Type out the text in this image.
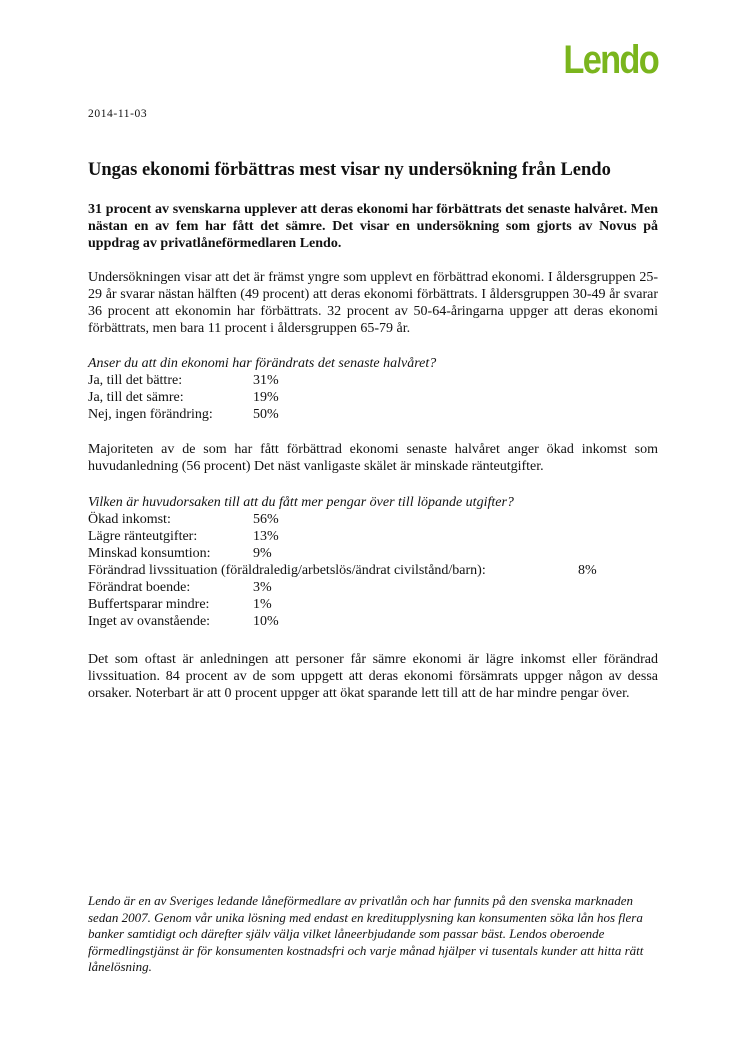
Lendo
2014-11-03
Ungas ekonomi förbättras mest visar ny undersökning från Lendo

31 procent av svenskarna upplever att deras ekonomi har förbättrats det senaste halvåret. Men nästan en av fem har fått det sämre. Det visar en undersökning som gjorts av Novus på uppdrag av privatlåneförmedlaren Lendo.

Undersökningen visar att det är främst yngre som upplevt en förbättrad ekonomi. I åldersgruppen 25-29 år svarar nästan hälften (49 procent) att deras ekonomi förbättrats. I åldersgruppen 30-49 år svarar 36 procent att ekonomin har förbättrats. 32 procent av 50-64-åringarna uppger att deras ekonomi förbättrats, men bara 11 procent i åldersgruppen 65-79 år.

Anser du att din ekonomi har förändrats det senaste halvåret?

Ja, till det bättre:	31%
Ja, till det sämre:	19%
Nej, ingen förändring:	50%

Majoriteten av de som har fått förbättrad ekonomi senaste halvåret anger ökad inkomst som huvudanledning (56 procent) Det näst vanligaste skälet är minskade ränteutgifter.

Vilken är huvudorsaken till att du fått mer pengar över till löpande utgifter?

Ökad inkomst:	56%
Lägre ränteutgifter:	13%
Minskad konsumtion:	9%
Förändrad livssituation (föräldraledig/arbetslös/ändrat civilstånd/barn):	8%
Förändrat boende:	3%
Buffertsparar mindre:	1%
Inget av ovanstående:	10%

Det som oftast är anledningen att personer får sämre ekonomi är lägre inkomst eller förändrad livssituation. 84 procent av de som uppgett att deras ekonomi försämrats uppger någon av dessa orsaker. Noterbart är att 0 procent uppger att ökat sparande lett till att de har mindre pengar över.

Lendo är en av Sveriges ledande låneförmedlare av privatlån och har funnits på den svenska marknaden sedan 2007. Genom vår unika lösning med endast en kreditupplysning kan konsumenten söka lån hos flera banker samtidigt och därefter själv välja vilket låneerbjudande som passar bäst. Lendos oberoende förmedlingstjänst är för konsumenten kostnadsfri och varje månad hjälper vi tusentals kunder att hitta rätt lånelösning.
